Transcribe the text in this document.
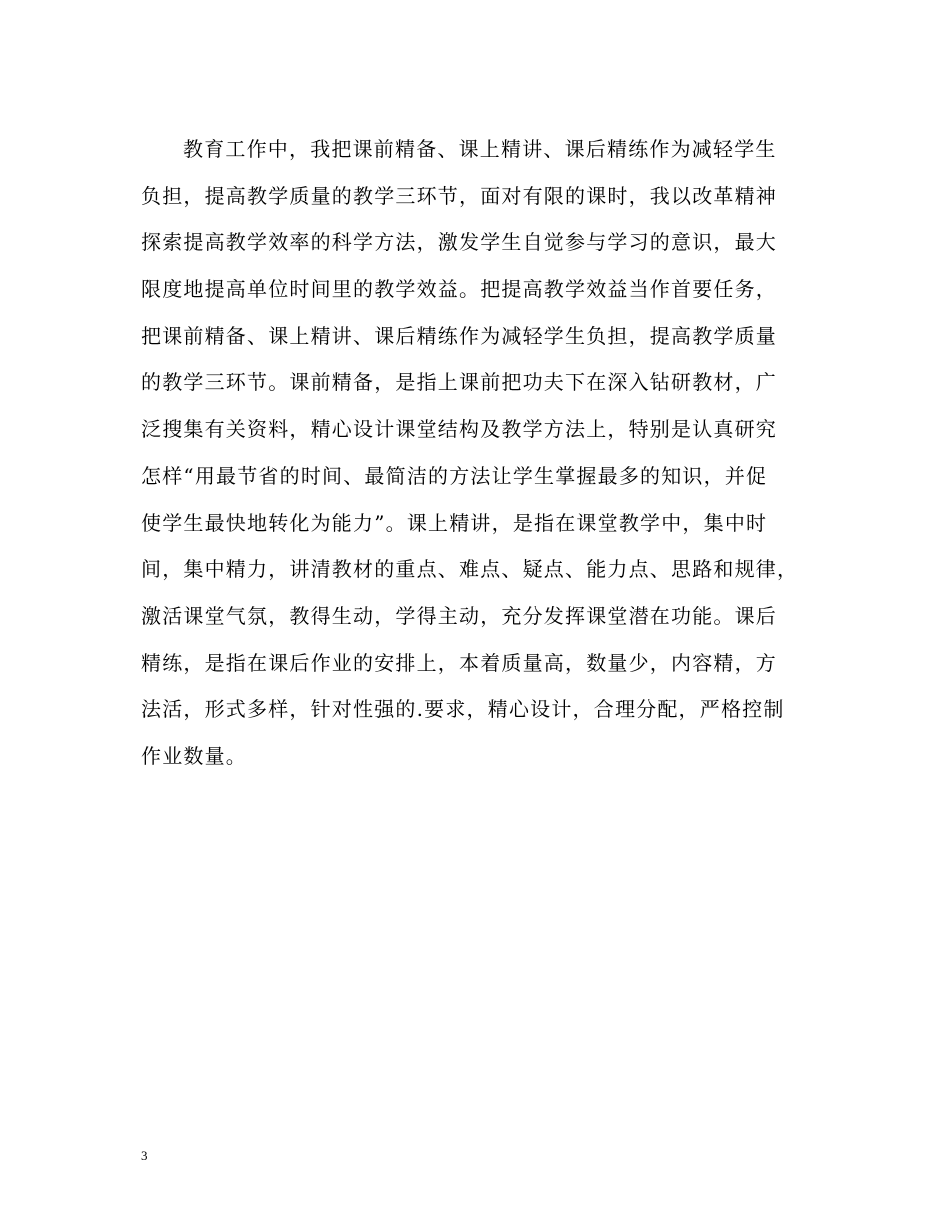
教育工作中，我把课前精备、课上精讲、课后精练作为减轻学生
负担，提高教学质量的教学三环节，面对有限的课时，我以改革精神
探索提高教学效率的科学方法，激发学生自觉参与学习的意识，最大
限度地提高单位时间里的教学效益。把提高教学效益当作首要任务，
把课前精备、课上精讲、课后精练作为减轻学生负担，提高教学质量
的教学三环节。课前精备，是指上课前把功夫下在深入钻研教材，广
泛搜集有关资料，精心设计课堂结构及教学方法上，特别是认真研究
怎样“用最节省的时间、最简洁的方法让学生掌握最多的知识，并促
使学生最快地转化为能力”。课上精讲，是指在课堂教学中，集中时
间，集中精力，讲清教材的重点、难点、疑点、能力点、思路和规律，
激活课堂气氛，教得生动，学得主动，充分发挥课堂潜在功能。课后
精练，是指在课后作业的安排上，本着质量高，数量少，内容精，方
法活，形式多样，针对性强的.要求，精心设计，合理分配，严格控制
作业数量。
3
